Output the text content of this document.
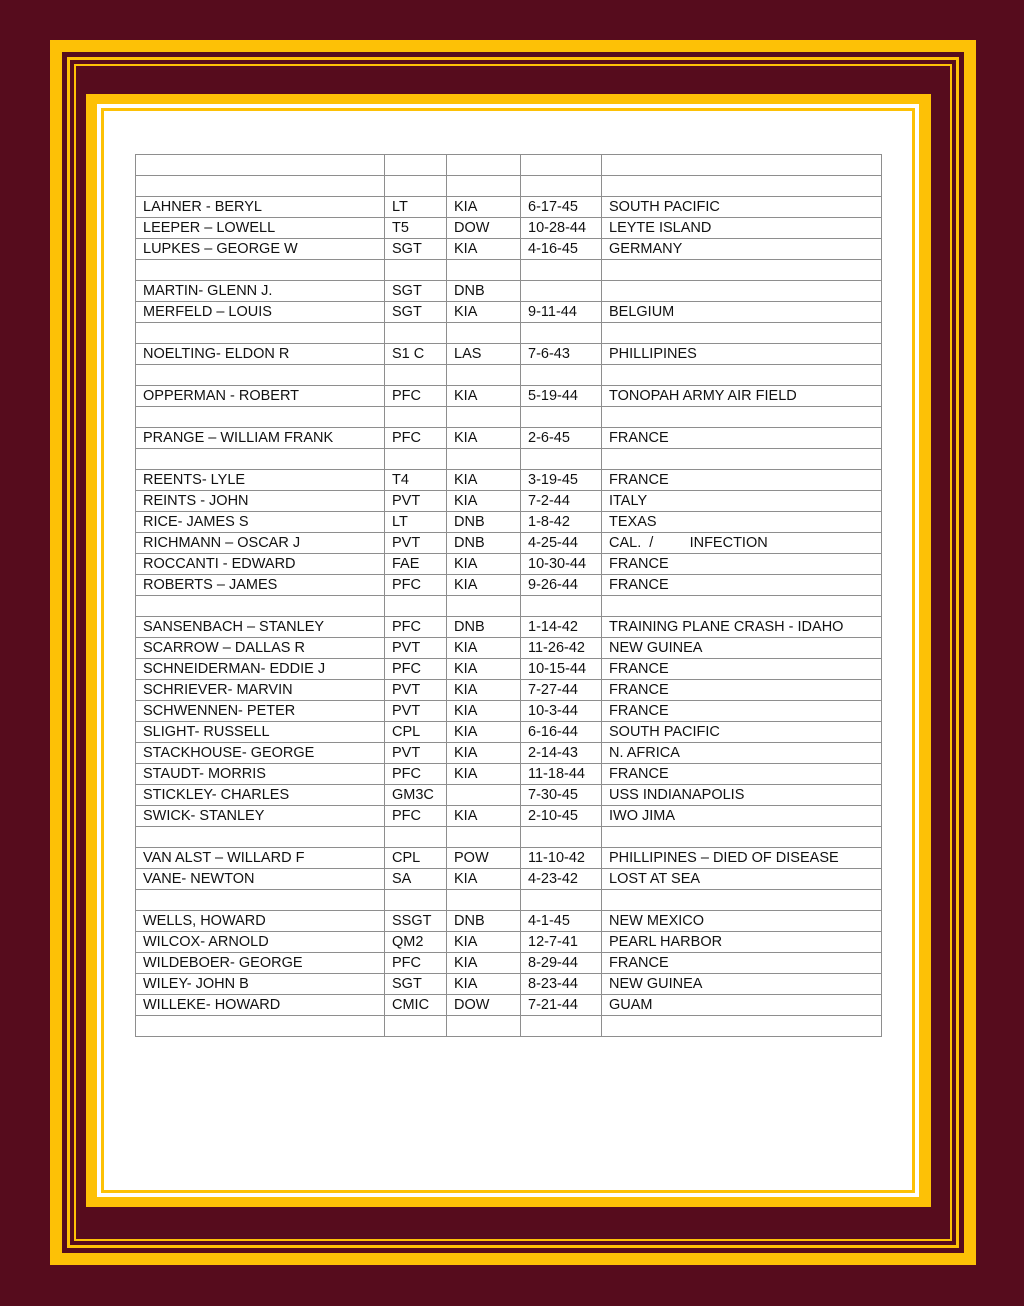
LAHNER - BERYL	LT	KIA	6-17-45	SOUTH PACIFIC
LEEPER – LOWELL	T5	DOW	10-28-44	LEYTE ISLAND
LUPKES – GEORGE W	SGT	KIA	4-16-45	GERMANY

MARTIN- GLENN J.	SGT	DNB		
MERFELD – LOUIS	SGT	KIA	9-11-44	BELGIUM

NOELTING- ELDON R	S1 C	LAS	7-6-43	PHILLIPINES

OPPERMAN - ROBERT	PFC	KIA	5-19-44	TONOPAH ARMY AIR FIELD

PRANGE – WILLIAM FRANK	PFC	KIA	2-6-45	FRANCE

REENTS- LYLE	T4	KIA	3-19-45	FRANCE
REINTS - JOHN	PVT	KIA	7-2-44	ITALY
RICE- JAMES S	LT	DNB	1-8-42	TEXAS
RICHMANN – OSCAR J	PVT	DNB	4-25-44	CAL.  /         INFECTION
ROCCANTI - EDWARD	FAE	KIA	10-30-44	FRANCE
ROBERTS – JAMES	PFC	KIA	9-26-44	FRANCE

SANSENBACH – STANLEY	PFC	DNB	1-14-42	TRAINING PLANE CRASH - IDAHO
SCARROW – DALLAS R	PVT	KIA	11-26-42	NEW GUINEA
SCHNEIDERMAN- EDDIE J	PFC	KIA	10-15-44	FRANCE
SCHRIEVER- MARVIN	PVT	KIA	7-27-44	FRANCE
SCHWENNEN- PETER	PVT	KIA	10-3-44	FRANCE
SLIGHT- RUSSELL	CPL	KIA	6-16-44	SOUTH PACIFIC
STACKHOUSE- GEORGE	PVT	KIA	2-14-43	N. AFRICA
STAUDT- MORRIS	PFC	KIA	11-18-44	FRANCE
STICKLEY- CHARLES	GM3C		7-30-45	USS INDIANAPOLIS
SWICK- STANLEY	PFC	KIA	2-10-45	IWO JIMA

VAN ALST – WILLARD F	CPL	POW	11-10-42	PHILLIPINES – DIED OF DISEASE
VANE- NEWTON	SA	KIA	4-23-42	LOST AT SEA

WELLS, HOWARD	SSGT	DNB	4-1-45	NEW MEXICO
WILCOX- ARNOLD	QM2	KIA	12-7-41	PEARL HARBOR
WILDEBOER- GEORGE	PFC	KIA	8-29-44	FRANCE
WILEY- JOHN B	SGT	KIA	8-23-44	NEW GUINEA
WILLEKE- HOWARD	CMIC	DOW	7-21-44	GUAM
